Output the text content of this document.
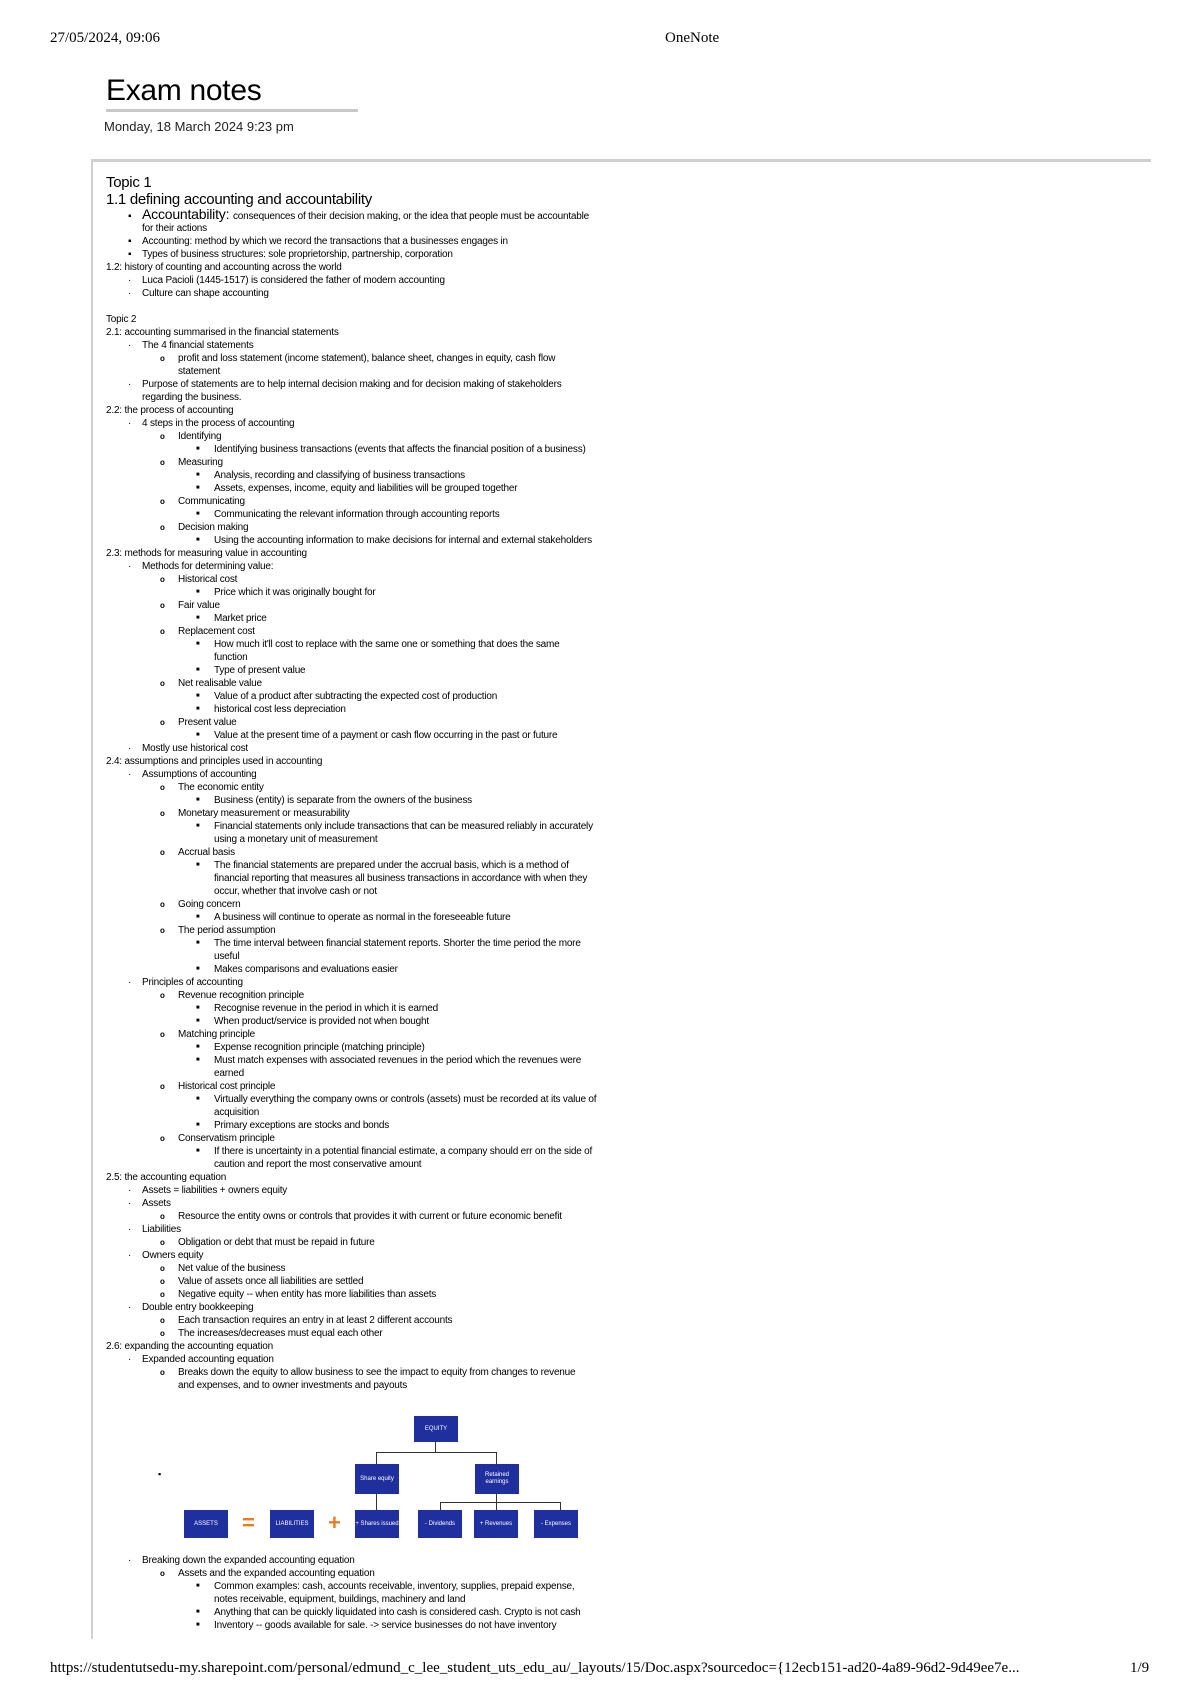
27/05/2024, 09:06	OneNote
Exam notes
Monday, 18 March 2024 9:23 pm
Topic 1
1.1 defining accounting and accountability
▪ Accountability: consequences of their decision making, or the idea that people must be accountable
for their actions
▪ Accounting: method by which we record the transactions that a businesses engages in
▪ Types of business structures: sole proprietorship, partnership, corporation
1.2: history of counting and accounting across the world
· Luca Pacioli (1445-1517) is considered the father of modern accounting
· Culture can shape accounting
Topic 2
2.1: accounting summarised in the financial statements
· The 4 financial statements
o profit and loss statement (income statement), balance sheet, changes in equity, cash flow
statement
· Purpose of statements are to help internal decision making and for decision making of stakeholders
regarding the business.
2.2: the process of accounting
· 4 steps in the process of accounting
o Identifying
■ Identifying business transactions (events that affects the financial position of a business)
o Measuring
■ Analysis, recording and classifying of business transactions
■ Assets, expenses, income, equity and liabilities will be grouped together
o Communicating
■ Communicating the relevant information through accounting reports
o Decision making
■ Using the accounting information to make decisions for internal and external stakeholders
2.3: methods for measuring value in accounting
· Methods for determining value:
o Historical cost
■ Price which it was originally bought for
o Fair value
■ Market price
o Replacement cost
■ How much it'll cost to replace with the same one or something that does the same
function
■ Type of present value
o Net realisable value
■ Value of a product after subtracting the expected cost of production
■ historical cost less depreciation
o Present value
■ Value at the present time of a payment or cash flow occurring in the past or future
· Mostly use historical cost
2.4: assumptions and principles used in accounting
· Assumptions of accounting
o The economic entity
■ Business (entity) is separate from the owners of the business
o Monetary measurement or measurability
■ Financial statements only include transactions that can be measured reliably in accurately
using a monetary unit of measurement
o Accrual basis
■ The financial statements are prepared under the accrual basis, which is a method of
financial reporting that measures all business transactions in accordance with when they
occur, whether that involve cash or not
o Going concern
■ A business will continue to operate as normal in the foreseeable future
o The period assumption
■ The time interval between financial statement reports. Shorter the time period the more
useful
■ Makes comparisons and evaluations easier
· Principles of accounting
o Revenue recognition principle
■ Recognise revenue in the period in which it is earned
■ When product/service is provided not when bought
o Matching principle
■ Expense recognition principle (matching principle)
■ Must match expenses with associated revenues in the period which the revenues were
earned
o Historical cost principle
■ Virtually everything the company owns or controls (assets) must be recorded at its value of
acquisition
■ Primary exceptions are stocks and bonds
o Conservatism principle
■ If there is uncertainty in a potential financial estimate, a company should err on the side of
caution and report the most conservative amount
2.5: the accounting equation
· Assets = liabilities + owners equity
· Assets
o Resource the entity owns or controls that provides it with current or future economic benefit
· Liabilities
o Obligation or debt that must be repaid in future
· Owners equity
o Net value of the business
o Value of assets once all liabilities are settled
o Negative equity -- when entity has more liabilities than assets
· Double entry bookkeeping
o Each transaction requires an entry in at least 2 different accounts
o The increases/decreases must equal each other
2.6: expanding the accounting equation
· Expanded accounting equation
o Breaks down the equity to allow business to see the impact to equity from changes to revenue
and expenses, and to owner investments and payouts
· Breaking down the expanded accounting equation
o Assets and the expanded accounting equation
■ Common examples: cash, accounts receivable, inventory, supplies, prepaid expense,
notes receivable, equipment, buildings, machinery and land
■ Anything that can be quickly liquidated into cash is considered cash. Crypto is not cash
■ Inventory -- goods available for sale. -> service businesses do not have inventory
EQUITY
Share equity
Retained earnings
▪
ASSETS	=	LIABILITIES + + Shares issued	- Dividends	+ Revenues	- Expenses
https://studentutsedu-my.sharepoint.com/personal/edmund_c_lee_student_uts_edu_au/_layouts/15/Doc.aspx?sourcedoc={12ecb151-ad20-4a89-96d2-9d49ee7e...	1/9
